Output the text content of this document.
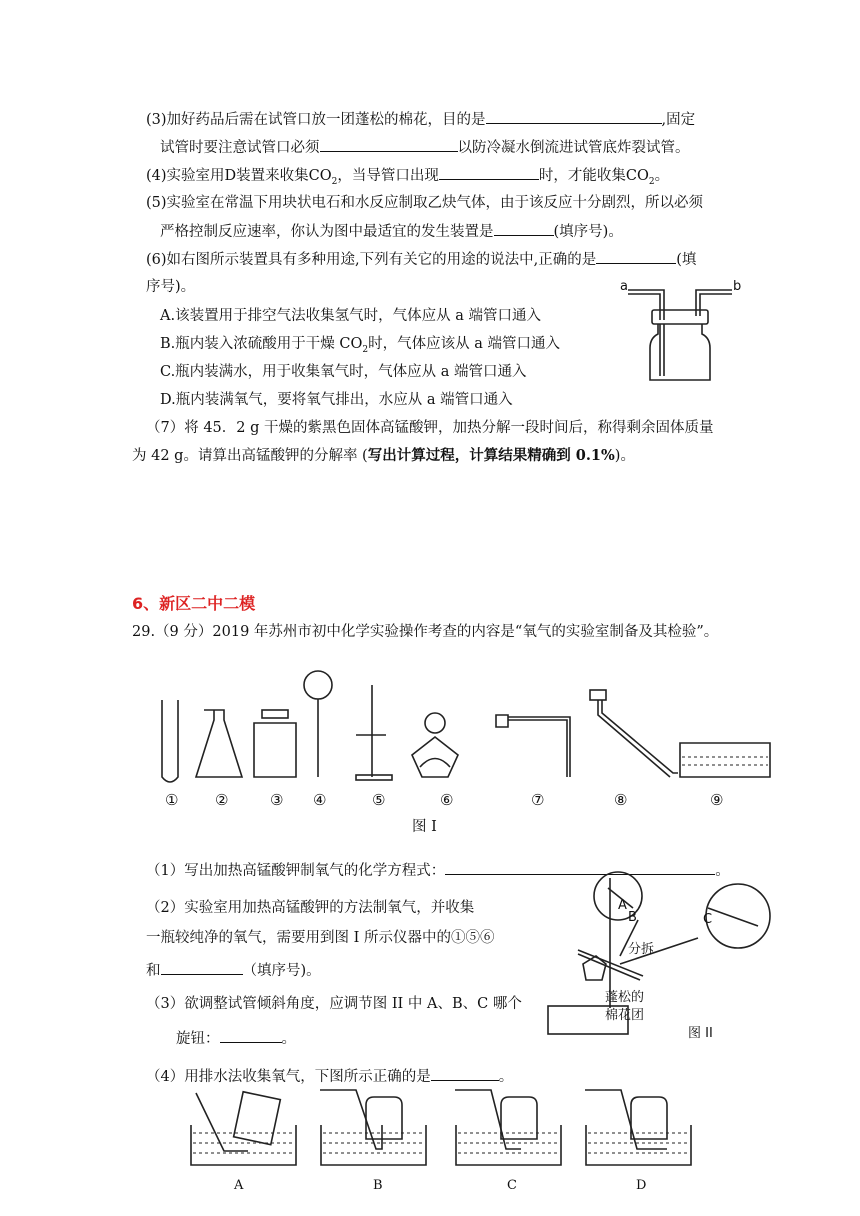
(3)加好药品后需在试管口放一团蓬松的棉花，目的是	,固定
试管时要注意试管口必须	以防冷凝水倒流进试管底炸裂试管。
(4)实验室用D装置来收集$CO_2$，当导管口出现	时，才能收集$CO_2$。
(5)实验室在常温下用块状电石和水反应制取乙炔气体，由于该反应十分剧烈，所以必须
严格控制反应速率，你认为图中最适宜的发生装置是	(填序号)。
(6)如右图所示装置具有多种用途,下列有关它的用途的说法中,正确的是	(填
序号)。
A.该装置用于排空气法收集氢气时，气体应从 a 端管口通入
B.瓶内装入浓硫酸用于干燥 $CO_2$时，气体应该从 a 端管口通入
C.瓶内装满水，用于收集氧气时，气体应从 a 端管口通入
D.瓶内装满氧气，要将氧气排出，水应从 a 端管口通入
a	b
（7）将 45．2 g 干燥的紫黑色固体高锰酸钾，加热分解一段时间后，称得剩余固体质量
为 42 g。请算出高锰酸钾的分解率 (写出计算过程，计算结果精确到 0.1%)。
6、新区二中二模
29.（9 分）2019 年苏州市初中化学实验操作考查的内容是“氧气的实验室制备及其检验”。
① ②	③ ④	⑤	⑥	⑦	⑧	⑨
图 I
（1）写出加热高锰酸钾制氧气的化学方程式：	。
（2）实验室用加热高锰酸钾的方法制氧气，并收集
一瓶较纯净的氧气，需要用到图 I 所示仪器中的①⑤⑥
和	（填序号)。
（3）欲调整试管倾斜角度，应调节图 II 中 A、B、C 哪个
旋钮：	。
分拆
蓬松的
棉花团
A
B	C
图 II
（4）用排水法收集氧气，下图所示正确的是	。
A	B	C	D
